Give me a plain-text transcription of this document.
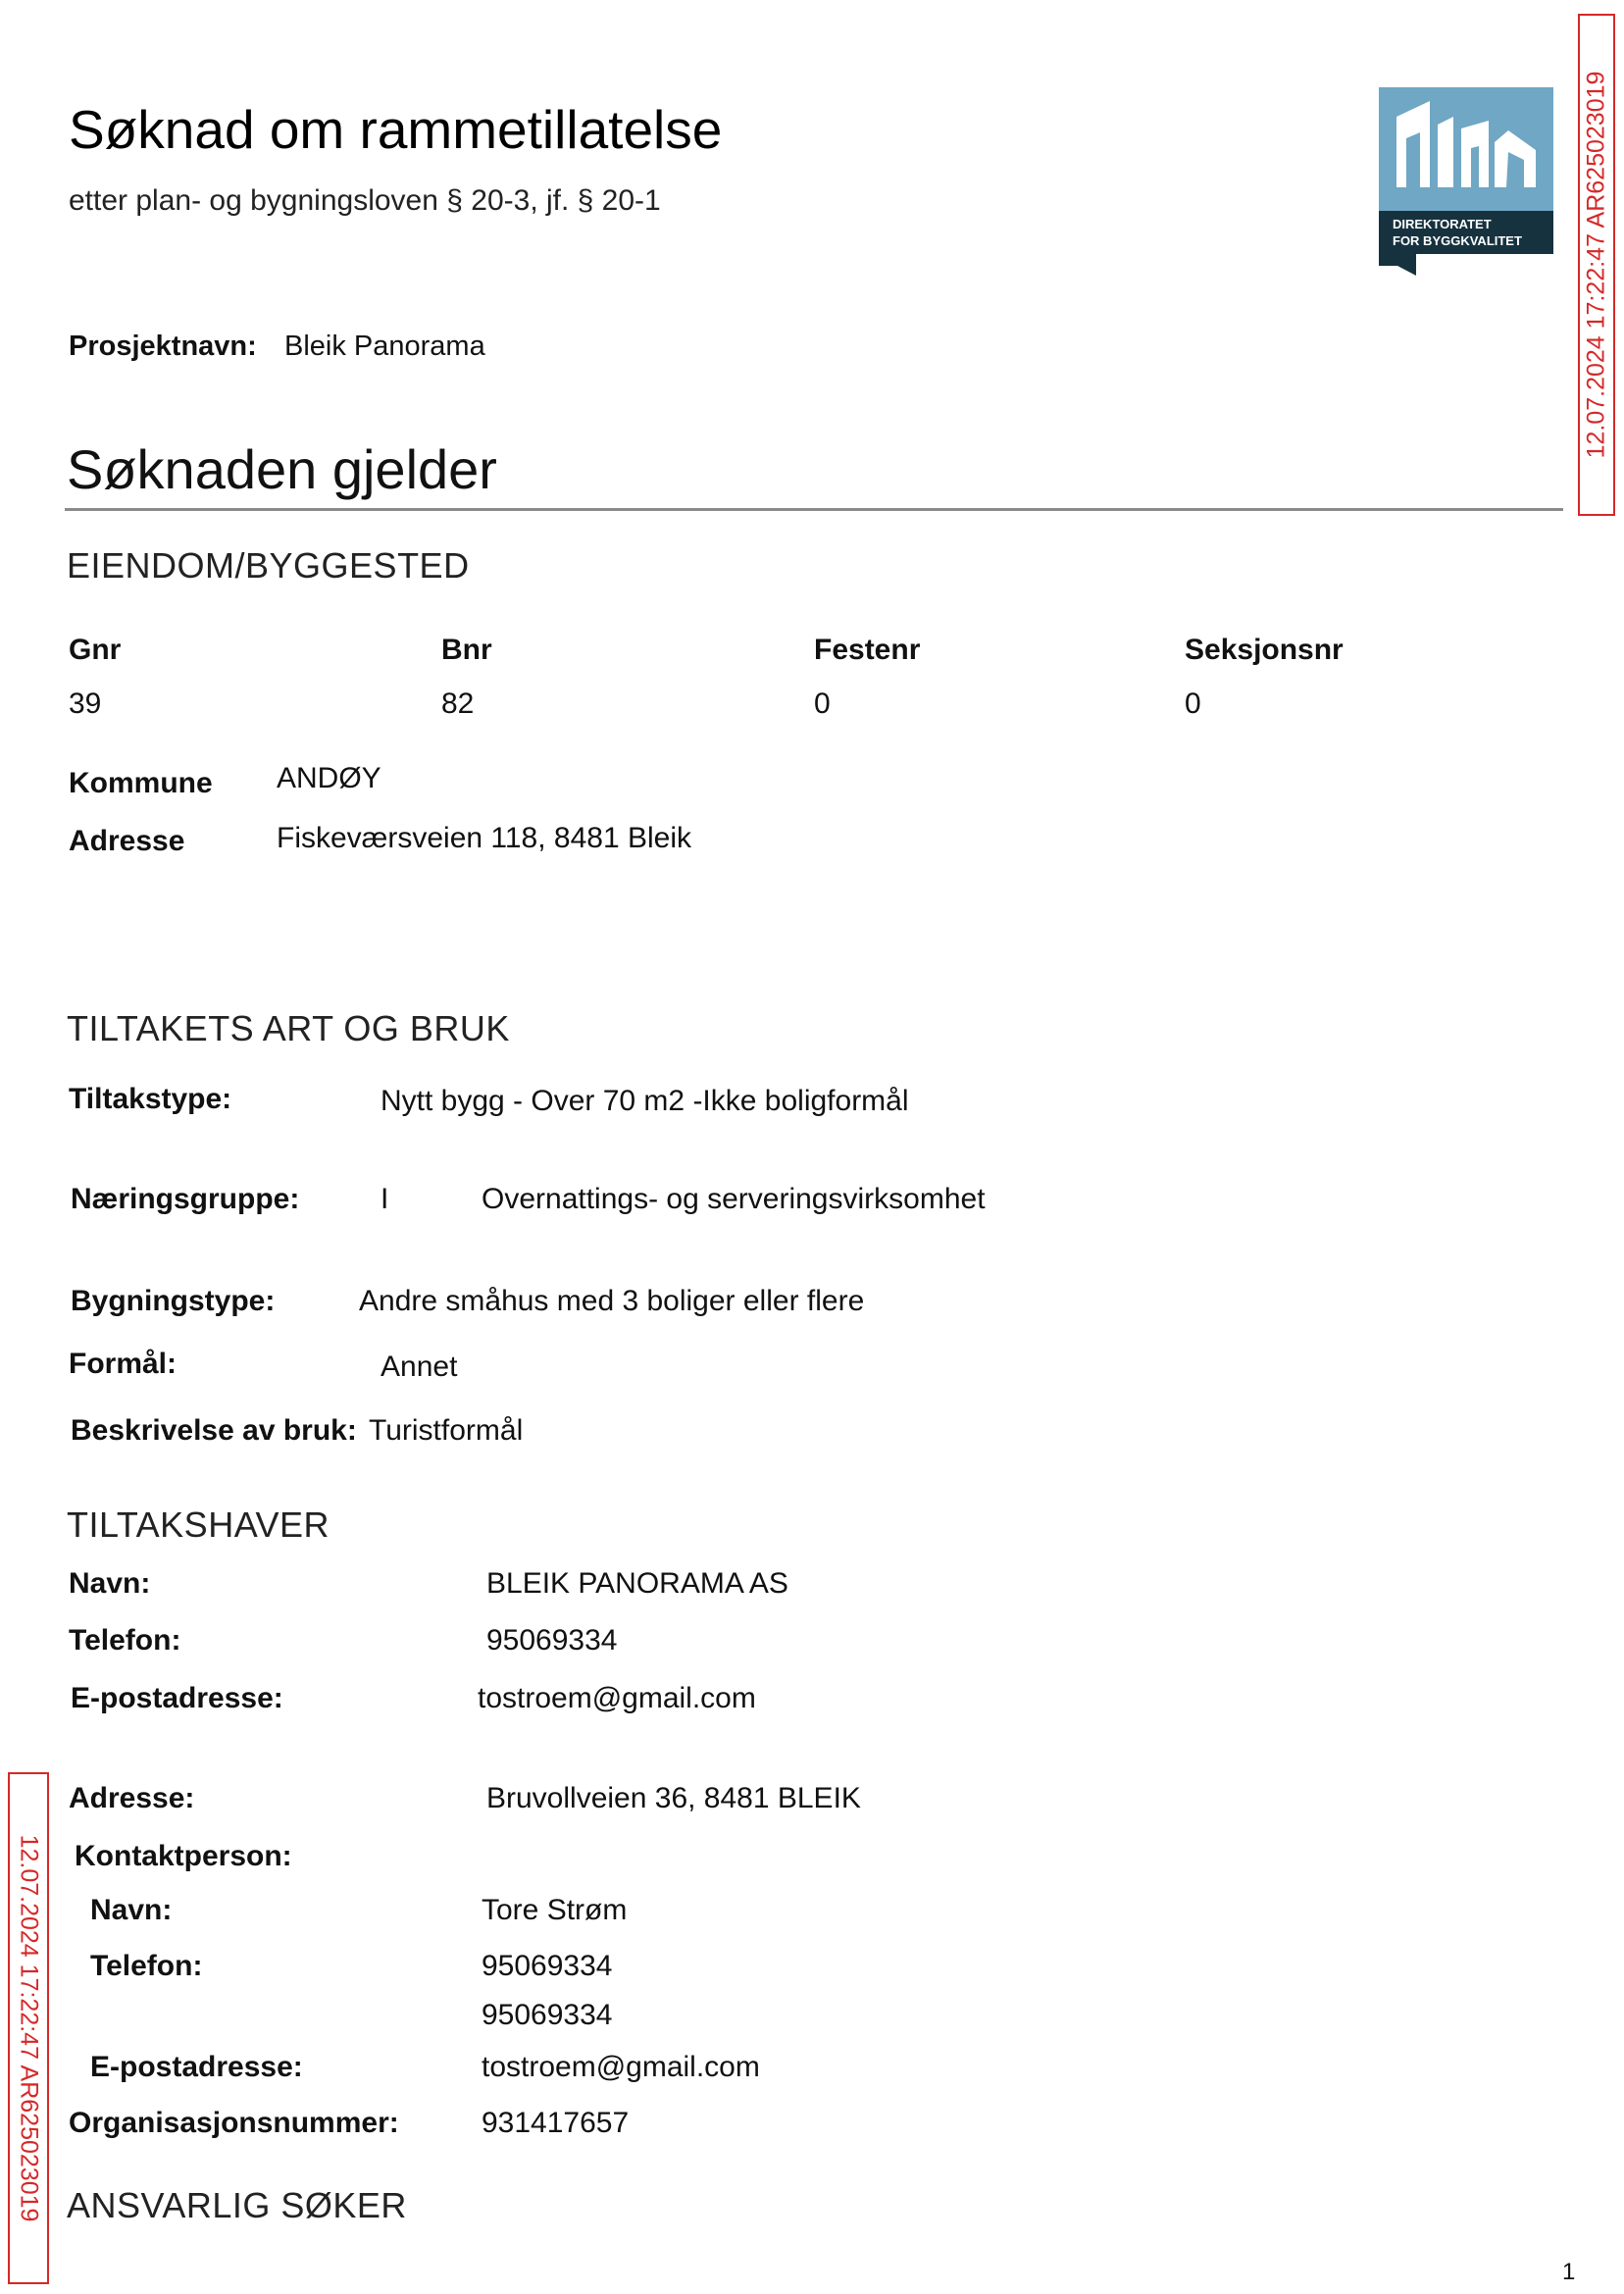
Søknad om rammetillatelse
etter plan- og bygningsloven § 20-3, jf. § 20-1
DIREKTORATET
FOR BYGGKVALITET 12.07.2024 17:22:47 AR625023019
12.07.2024 17:22:47 AR625023019
Prosjektnavn: Bleik Panorama
Søknaden gjelder
EIENDOM/BYGGESTED
Gnr	Bnr	Festenr	Seksjonsnr
39	82	0	0
Kommune ANDØY
Adresse	Fiskeværsveien 118, 8481 Bleik
TILTAKETS ART OG BRUK
Tiltakstype:	Nytt bygg - Over 70 m2 -Ikke boligformål
Næringsgruppe:	I	Overnattings- og serveringsvirksomhet
Bygningstype:	Andre småhus med 3 boliger eller flere
Formål:	Annet
Beskrivelse av bruk: Turistformål
TILTAKSHAVER
Navn:	BLEIK PANORAMA AS
Telefon:	95069334
E-postadresse:	tostroem@gmail.com
Adresse:	Bruvollveien 36, 8481 BLEIK
Kontaktperson:
Navn:	Tore Strøm
Telefon:	95069334
95069334
E-postadresse:	tostroem@gmail.com
Organisasjonsnummer:	931417657
ANSVARLIG SØKER
1
